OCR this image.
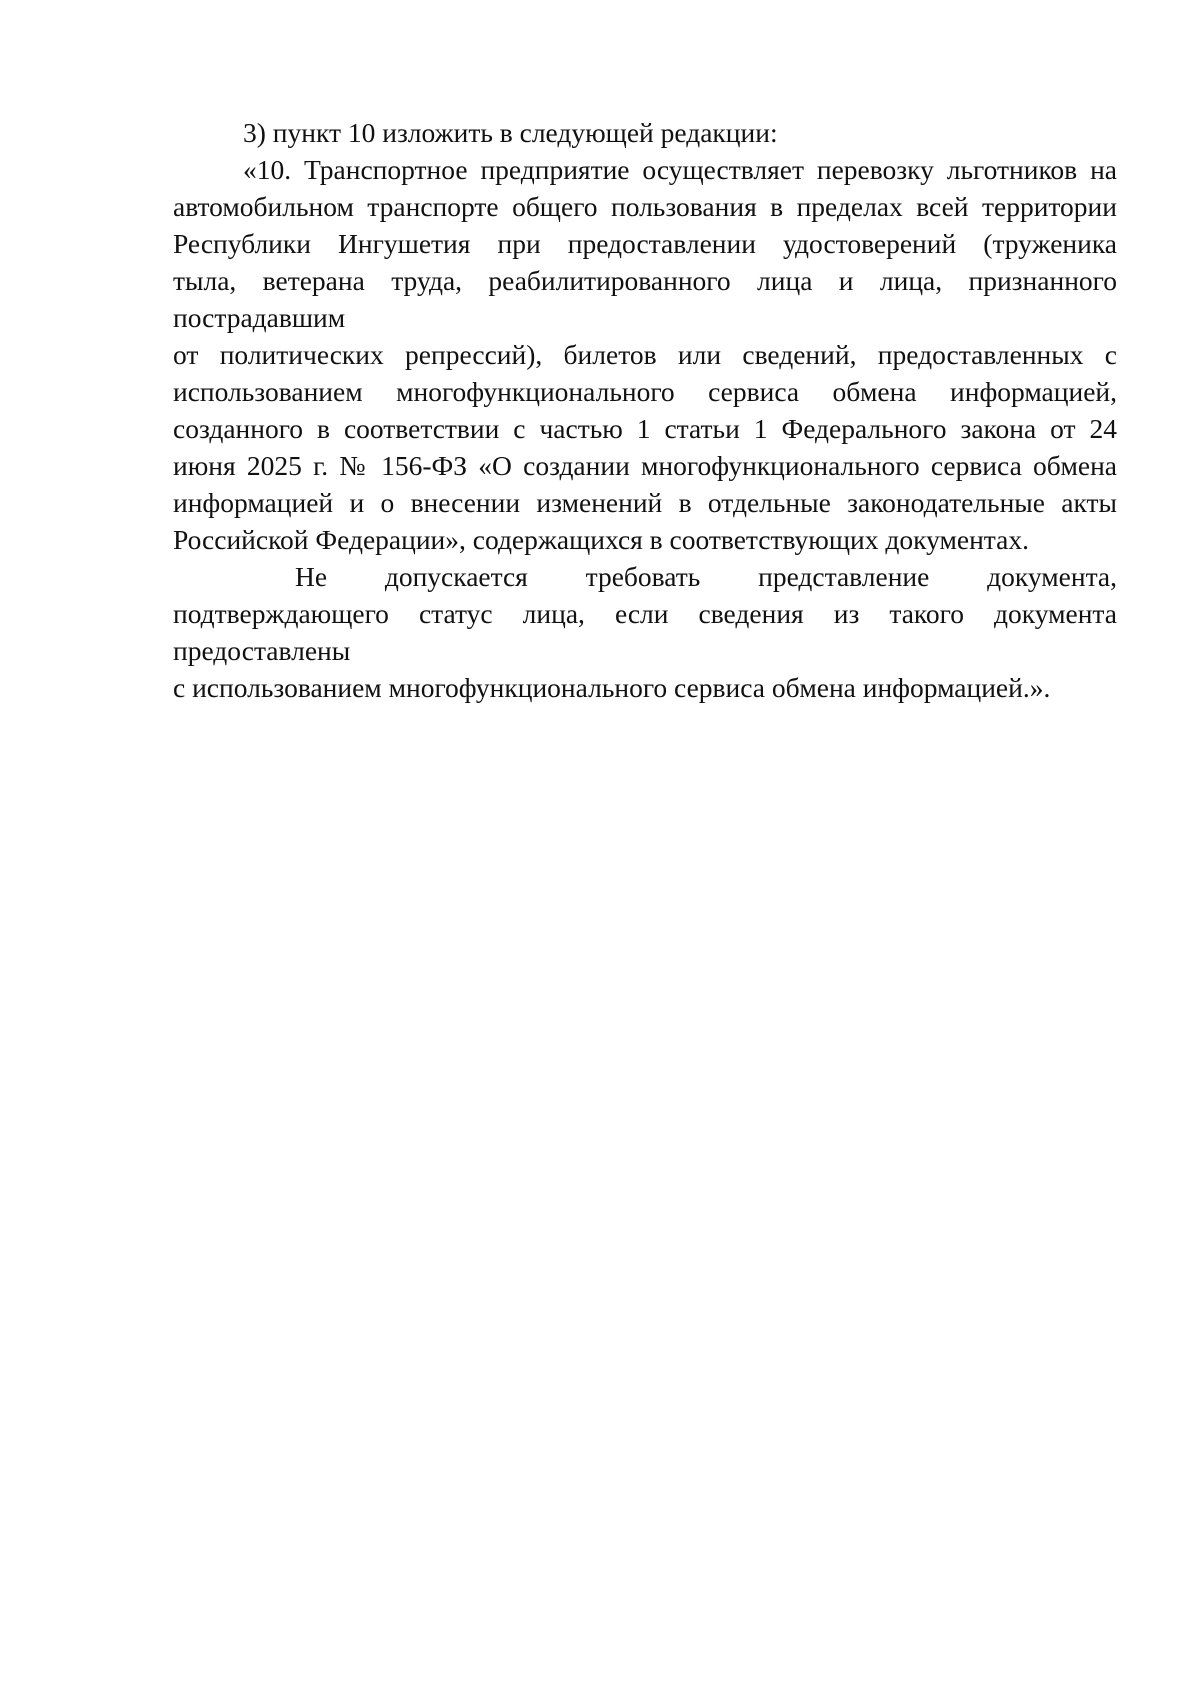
3) пункт 10 изложить в следующей редакции:
«10. Транспортное предприятие осуществляет перевозку льготников на
автомобильном транспорте общего пользования в пределах всей территории
Республики Ингушетия при предоставлении удостоверений (труженика
тыла, ветерана труда, реабилитированного лица и лица, признанного
пострадавшим
от политических репрессий), билетов или сведений, предоставленных с
использованием многофункционального сервиса обмена информацией,
созданного в соответствии с частью 1 статьи 1 Федерального закона от 24
июня 2025 г. № 156-ФЗ «О создании многофункционального сервиса обмена
информацией и о внесении изменений в отдельные законодательные акты
Российской Федерации», содержащихся в соответствующих документах.
Не допускается требовать представление документа,
подтверждающего статус лица, если сведения из такого документа
предоставлены
с использованием многофункционального сервиса обмена информацией.».
